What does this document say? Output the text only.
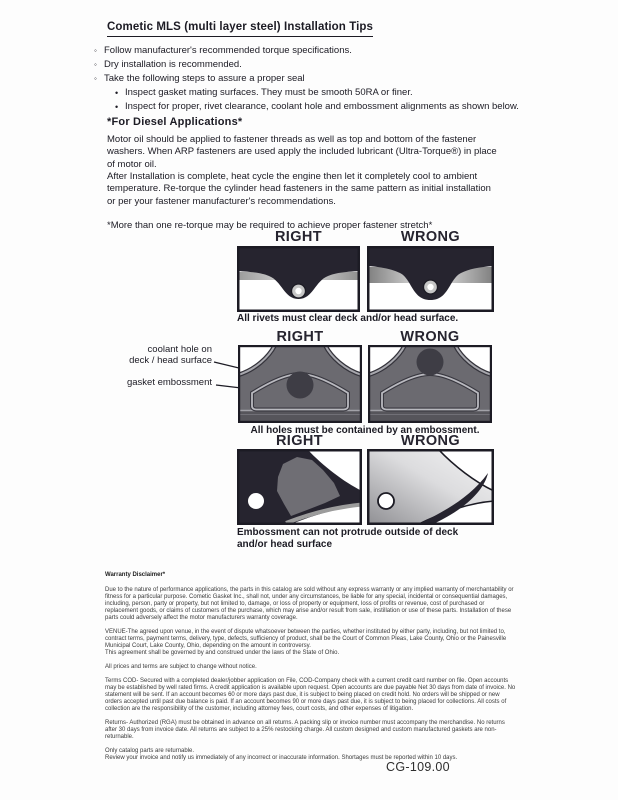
Cometic MLS (multi layer steel) Installation Tips
◦ Follow manufacturer's recommended torque specifications.
◦ Dry installation is recommended.
◦ Take the following steps to assure a proper seal
• Inspect gasket mating surfaces. They must be smooth 50RA or finer.
• Inspect for proper, rivet clearance, coolant hole and embossment alignments as shown below.
*For Diesel Applications*
Motor oil should be applied to fastener threads as well as top and bottom of the fastener washers. When ARP fasteners are used apply the included lubricant (Ultra-Torque®) in place of motor oil.
After Installation is complete, heat cycle the engine then let it completely cool to ambient temperature. Re-torque the cylinder head fasteners in the same pattern as initial installation or per your fastener manufacturer's recommendations.
*More than one re-torque may be required to achieve proper fastener stretch*
RIGHT	WRONG
All rivets must clear deck and/or head surface.
RIGHT	WRONG
coolant hole on
deck / head surface
gasket embossment
All holes must be contained by an embossment.
RIGHT	WRONG
Embossment can not protrude outside of deck and/or head surface

Warranty Disclaimer*

Due to the nature of performance applications, the parts in this catalog are sold without any express warranty or any implied warranty of merchantability or fitness for a particular purpose. Cometic Gasket Inc., shall not, under any circumstances, be liable for any special, incidental or consequential damages, including, person, party or property, but not limited to, damage, or loss of property or equipment, loss of profits or revenue, cost of purchased or replacement goods, or claims of customers of the purchase, which may arise and/or result from sale, instillation or use of these parts. Installation of these parts could adversely affect the motor manufacturers warranty coverage.

VENUE-The agreed upon venue, in the event of dispute whatsoever between the parties, whether instituted by either party, including, but not limited to, contract terms, payment terms, delivery, type, defects, sufficiency of product, shall be the Court of Common Pleas, Lake County, Ohio or the Painesville Municipal Court, Lake County, Ohio, depending on the amount in controversy.

This agreement shall be governed by and construed under the laws of the State of Ohio.

All prices and terms are subject to change without notice.

Terms COD- Secured with a completed dealer/jobber application on File, COD-Company check with a current credit card number on file. Open accounts may be established by well rated firms. A credit application is available upon request. Open accounts are due payable Net 30 days from date of invoice. No statement will be sent. If an account becomes 60 or more days past due, it is subject to being placed on credit hold. No orders will be shipped or new orders accepted until past due balance is paid. If an account becomes 90 or more days past due, it is subject to being placed for collections. All costs of collection are the responsibility of the customer, including attorney fees, court costs, and other expenses of litigation.

Returns- Authorized (RGA) must be obtained in advance on all returns. A packing slip or invoice number must accompany the merchandise. No returns after 30 days from invoice date. All returns are subject to a 25% restocking charge. All custom designed and custom manufactured gaskets are non-returnable.

Only catalog parts are returnable.

Review your invoice and notify us immediately of any incorrect or inaccurate information. Shortages must be reported within 10 days.

CG-109.00
